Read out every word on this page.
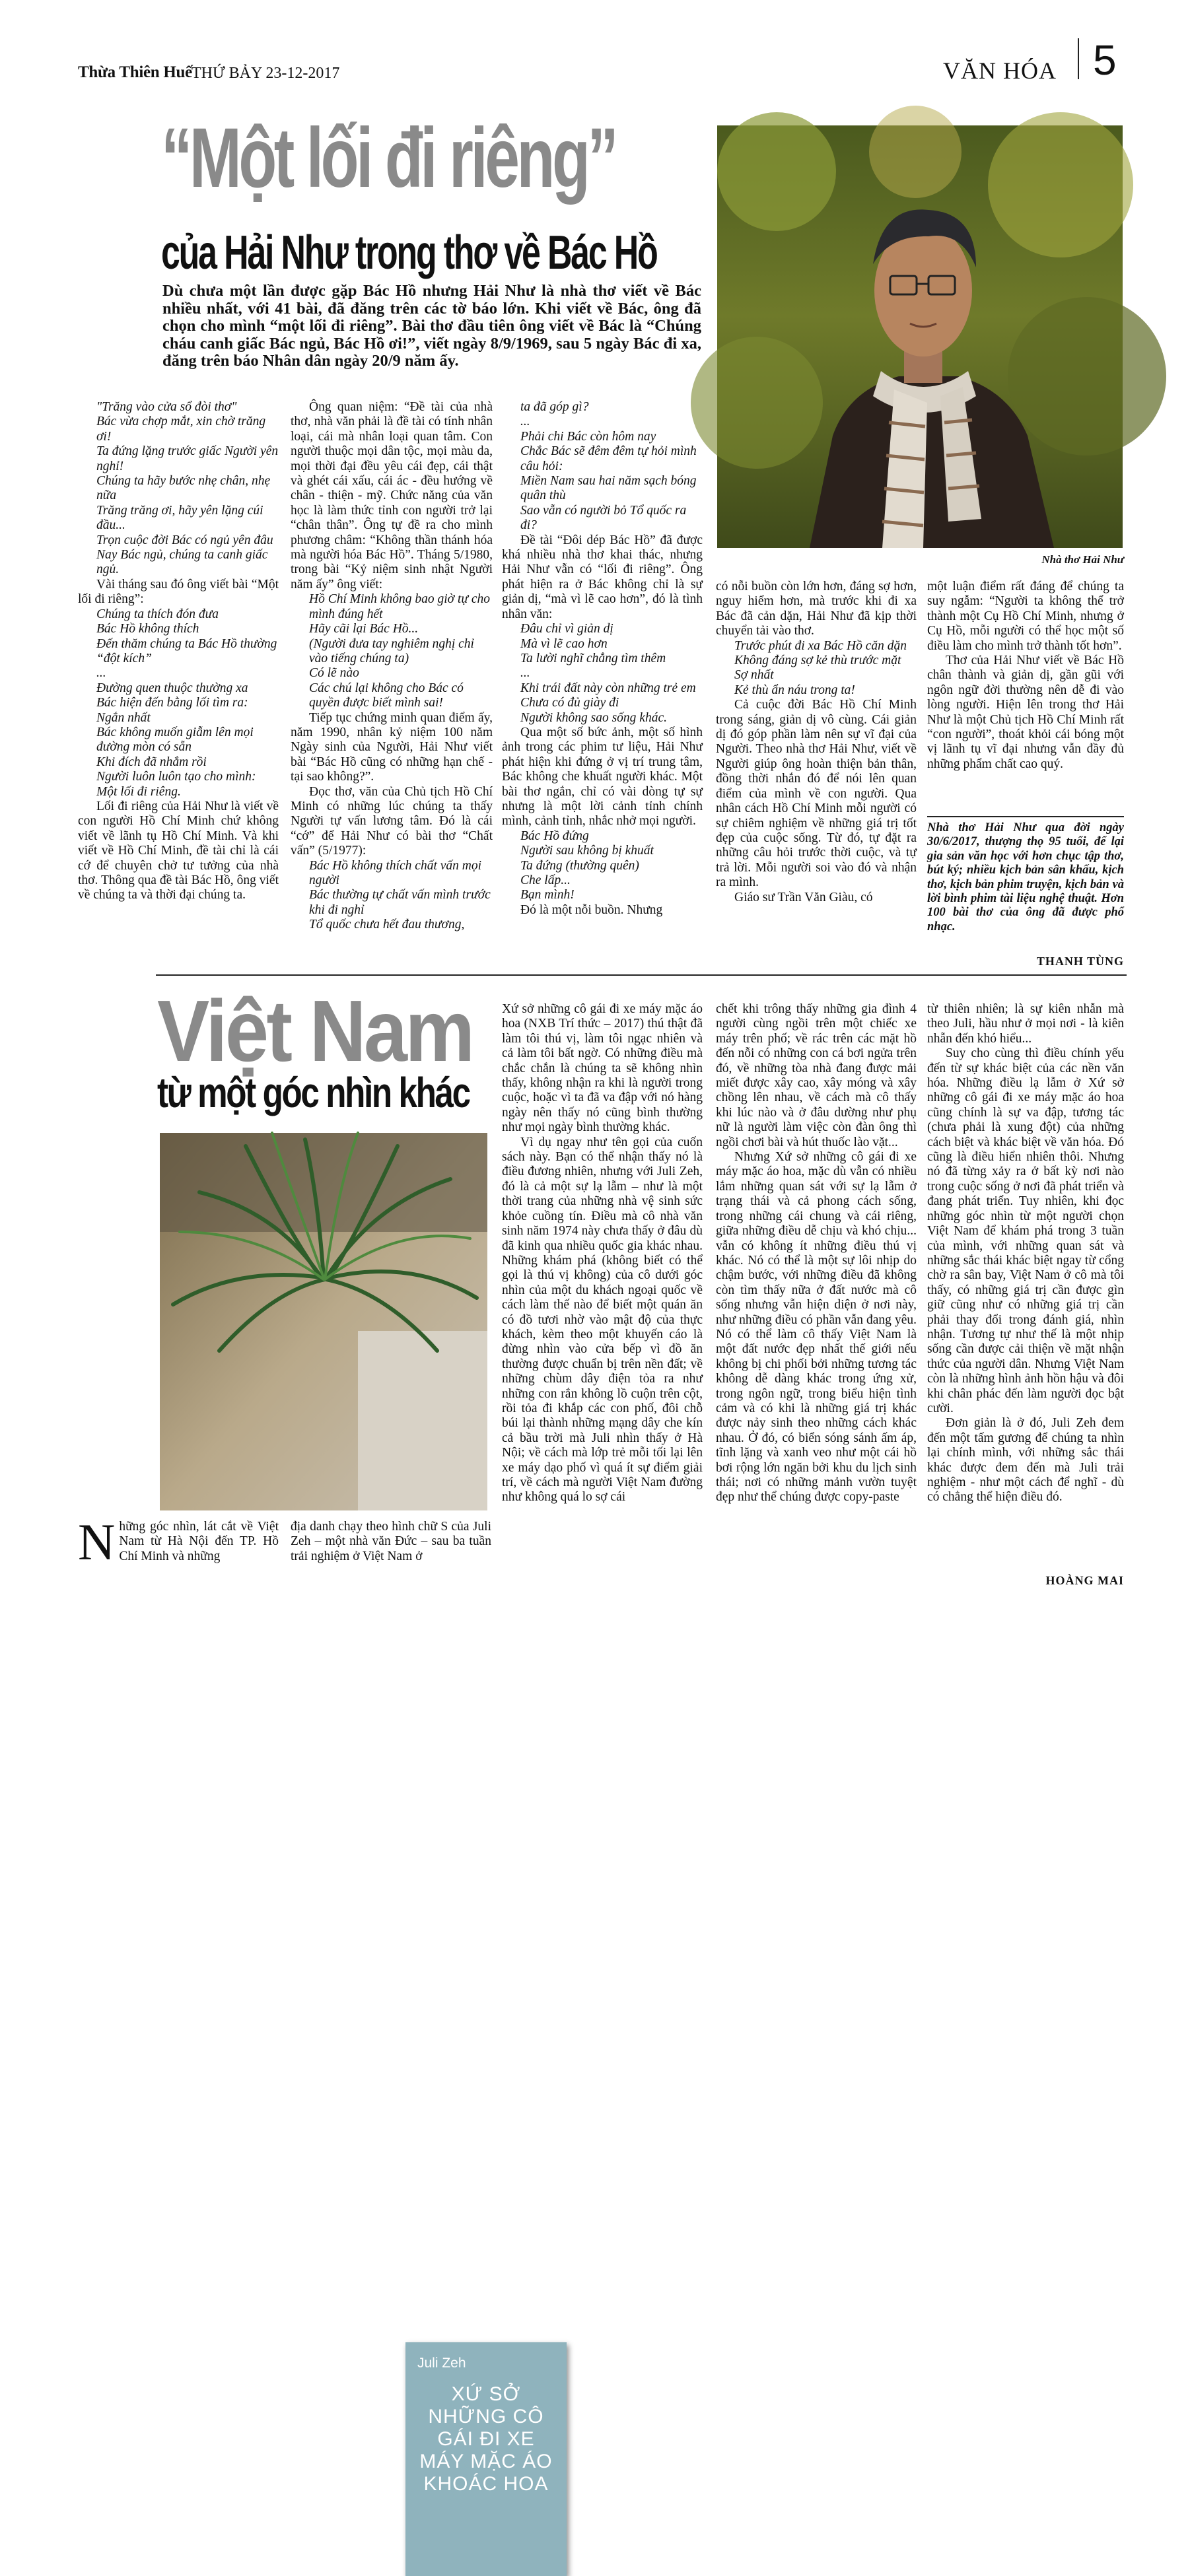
Thừa Thiên Huế THỨ BẢY 23-12-2017	VĂN HÓA 5
“Một lối đi riêng”
của Hải Như trong thơ về Bác Hồ
Dù chưa một lần được gặp Bác Hồ nhưng Hải Như là nhà thơ viết về Bác nhiều nhất, với 41 bài, đã đăng trên các tờ báo lớn. Khi viết về Bác, ông đã chọn cho mình “một lối đi riêng”. Bài thơ đầu tiên ông viết về Bác là “Chúng cháu canh giấc Bác ngủ, Bác Hồ ơi!”, viết ngày 8/9/1969, sau 5 ngày Bác đi xa, đăng trên báo Nhân dân ngày 20/9 năm ấy.
Nhà thơ Hải Như

"Trăng vào cửa sổ đòi thơ"

Bác vừa chợp mắt, xin chờ trăng ơi!

Ta đứng lặng trước giấc Người yên nghỉ!

Chúng ta hãy bước nhẹ chân, nhẹ nữa

Trăng trăng ơi, hãy yên lặng cúi đầu...

Trọn cuộc đời Bác có ngủ yên đâu

Nay Bác ngủ, chúng ta canh giấc ngủ.

Vài tháng sau đó ông viết bài “Một lối đi riêng”:

Chúng ta thích đón đưa

Bác Hồ không thích

Đến thăm chúng ta Bác Hồ thường “đột kích”

...

Đường quen thuộc thường xa

Bác hiện đến bằng lối tìm ra:

Ngắn nhất

Bác không muốn giẫm lên mọi đường mòn có sẵn

Khi đích đã nhắm rồi

Người luôn luôn tạo cho mình:

Một lối đi riêng.

Lối đi riêng của Hải Như là viết về con người Hồ Chí Minh chứ không viết về lãnh tụ Hồ Chí Minh. Và khi viết về Hồ Chí Minh, đề tài chỉ là cái cớ để chuyên chở tư tưởng của nhà thơ. Thông qua đề tài Bác Hồ, ông viết về chúng ta và thời đại chúng ta.

Ông quan niệm: “Đề tài của nhà thơ, nhà văn phải là đề tài có tính nhân loại, cái mà nhân loại quan tâm. Con người thuộc mọi dân tộc, mọi màu da, mọi thời đại đều yêu cái đẹp, cái thật và ghét cái xấu, cái ác - đều hướng về chân - thiện - mỹ. Chức năng của văn học là làm thức tỉnh con người trở lại “chân thân”. Ông tự đề ra cho mình phương châm: “Không thần thánh hóa mà người hóa Bác Hồ”. Tháng 5/1980, trong bài “Kỷ niệm sinh nhật Người năm ấy” ông viết:

Hồ Chí Minh không bao giờ tự cho mình đúng hết

Hãy cãi lại Bác Hồ...

(Người đưa tay nghiêm nghị chỉ vào tiếng chúng ta)

Có lẽ nào

Các chú lại không cho Bác có quyền được biết mình sai!

Tiếp tục chứng minh quan điểm ấy, năm 1990, nhân kỷ niệm 100 năm Ngày sinh của Người, Hải Như viết bài “Bác Hồ cũng có những hạn chế - tại sao không?”.

Đọc thơ, văn của Chủ tịch Hồ Chí Minh có những lúc chúng ta thấy Người tự vấn lương tâm. Đó là cái “cớ” để Hải Như có bài thơ “Chất vấn” (5/1977):

Bác Hồ không thích chất vấn mọi người

Bác thường tự chất vấn mình trước khi đi nghỉ

Tổ quốc chưa hết đau thương,

ta đã góp gì?

...

Phải chi Bác còn hôm nay

Chắc Bác sẽ đêm đêm tự hỏi mình câu hỏi:

Miền Nam sau hai năm sạch bóng quân thù

Sao vẫn có người bỏ Tổ quốc ra đi?

Đề tài “Đôi dép Bác Hồ” đã được khá nhiều nhà thơ khai thác, nhưng Hải Như vẫn có “lối đi riêng”. Ông phát hiện ra ở Bác không chỉ là sự giản dị, “mà vì lẽ cao hơn”, đó là tình nhân văn:

Đâu chỉ vì giản dị

Mà vì lẽ cao hơn

Ta lười nghĩ chẳng tìm thêm

...

Khi trái đất này còn những trẻ em

Chưa có đủ giày đi

Người không sao sống khác.

Qua một số bức ảnh, một số hình ảnh trong các phim tư liệu, Hải Như phát hiện khi đứng ở vị trí trung tâm, Bác không che khuất người khác. Một bài thơ ngắn, chỉ có vài dòng tự sự nhưng là một lời cảnh tỉnh chính mình, cảnh tỉnh, nhắc nhở mọi người.

Bác Hồ đứng

Người sau không bị khuất

Ta đứng (thường quên)

Che lấp...

Bạn mình!

Đó là một nỗi buồn. Nhưng

có nỗi buồn còn lớn hơn, đáng sợ hơn, nguy hiểm hơn, mà trước khi đi xa Bác đã cản dặn, Hải Như đã kịp thời chuyển tải vào thơ.

Trước phút đi xa Bác Hồ căn dặn

Không đáng sợ kẻ thù trước mặt

Sợ nhất

Kẻ thù ẩn náu trong ta!

Cả cuộc đời Bác Hồ Chí Minh trong sáng, giản dị vô cùng. Cái giản dị đó góp phần làm nên sự vĩ đại của Người. Theo nhà thơ Hải Như, viết về Người giúp ông hoàn thiện bản thân, đồng thời nhắn đó để nói lên quan điểm của mình về con người. Qua nhân cách Hồ Chí Minh mỗi người có sự chiêm nghiệm về những giá trị tốt đẹp của cuộc sống. Từ đó, tự đặt ra những câu hỏi trước thời cuộc, và tự trả lời. Mỗi người soi vào đó và nhận ra mình.

Giáo sư Trần Văn Giàu, có

một luận điểm rất đáng để chúng ta suy ngẫm: “Người ta không thể trở thành một Cụ Hồ Chí Minh, nhưng ở Cụ Hồ, mỗi người có thể học một số điều làm cho mình trở thành tốt hơn”.

Thơ của Hải Như viết về Bác Hồ chân thành và giản dị, gần gũi với ngôn ngữ đời thường nên dễ đi vào lòng người. Hiện lên trong thơ Hải Như là một Chủ tịch Hồ Chí Minh rất “con người”, thoát khỏi cái bóng một vị lãnh tụ vĩ đại nhưng vẫn đầy đủ những phẩm chất cao quý.

Nhà thơ Hải Như qua đời ngày 30/6/2017, thượng thọ 95 tuổi, để lại gia sản văn học với hơn chục tập thơ, bút ký; nhiều kịch bản sân khấu, kịch thơ, kịch bản phim truyện, kịch bản và lời bình phim tài liệu nghệ thuật. Hơn 100 bài thơ của ông đã được phổ nhạc.
THANH TÙNG
Việt Nam
từ một góc nhìn khác
Juli Zeh
XỨ SỞ NHỮNG CÔ GÁI ĐI XE MÁY MẶC ÁO KHOÁC HOA

Những góc nhìn, lát cắt về Việt Nam từ Hà Nội đến TP. Hồ Chí Minh và những

địa danh chạy theo hình chữ S của Juli Zeh – một nhà văn Đức – sau ba tuần trải nghiệm ở Việt Nam ở

Xứ sở những cô gái đi xe máy mặc áo hoa (NXB Trí thức – 2017) thú thật đã làm tôi thú vị, làm tôi ngạc nhiên và cả làm tôi bất ngờ. Có những điều mà chắc chắn là chúng ta sẽ không nhìn thấy, không nhận ra khi là người trong cuộc, hoặc vì ta đã va đập với nó hàng ngày nên thấy nó cũng bình thường như mọi ngày bình thường khác.

Vì dụ ngay như tên gọi của cuốn sách này. Bạn có thể nhận thấy nó là điều đương nhiên, nhưng với Juli Zeh, đó là cả một sự lạ lẫm – như là một thời trang của những nhà vệ sinh sức khỏe cuồng tín. Điều mà cô nhà văn sinh năm 1974 này chưa thấy ở đâu dù đã kinh qua nhiều quốc gia khác nhau. Những khám phá (không biết có thể gọi là thú vị không) của cô dưới góc nhìn của một du khách ngoại quốc về cách làm thế nào để biết một quán ăn có đồ tươi nhờ vào mật độ của thực khách, kèm theo một khuyến cáo là đừng nhìn vào cửa bếp vì đồ ăn thường được chuẩn bị trên nền đất; về những chùm dây điện tỏa ra như những con rắn không lồ cuộn trên cột, rồi tỏa đi khắp các con phố, đôi chỗ búi lại thành những mạng dây che kín cả bầu trời mà Juli nhìn thấy ở Hà Nội; về cách mà lớp trẻ mỗi tối lại lên xe máy dạo phố vì quá ít sự điểm giải trí, về cách mà người Việt Nam đường như không quá lo sợ cái

chết khi trông thấy những gia đình 4 người cùng ngồi trên một chiếc xe máy trên phố; về rác trên các mặt hồ đến nỗi có những con cá bơi ngửa trên đó, về những tòa nhà đang được mải miết được xây cao, xây móng và xây chồng lên nhau, về cách mà cô thấy khi lúc nào và ở đâu dường như phụ nữ là người làm việc còn đàn ông thì ngồi chơi bài và hút thuốc lào vặt...

Nhưng Xứ sở những cô gái đi xe máy mặc áo hoa, mặc dù vẫn có nhiều lắm những quan sát với sự lạ lẫm ở trạng thái và cả phong cách sống, trong những cái chung và cái riêng, giữa những điều dễ chịu và khó chịu... vẫn có không ít những điều thú vị khác. Nó có thể là một sự lôi nhịp do chậm bước, với những điều đã không còn tìm thấy nữa ở đất nước mà cô sống nhưng vẫn hiện diện ở nơi này, như những điều có phần vẫn đang yêu. Nó có thể làm cô thấy Việt Nam là một đất nước đẹp nhất thế giới nếu không bị chi phối bởi những tương tác không dễ dàng khác trong ứng xử, trong ngôn ngữ, trong biểu hiện tình cảm và có khi là những giá trị khác được nảy sinh theo những cách khác nhau. Ở đó, có biển sóng sánh ấm áp, tĩnh lặng và xanh veo như một cái hồ bơi rộng lớn ngăn bởi khu du lịch sinh thái; nơi có những mảnh vườn tuyệt đẹp như thể chúng được copy-paste

từ thiên nhiên; là sự kiên nhẫn mà theo Juli, hầu như ở mọi nơi - là kiên nhẫn đến khó hiểu...

Suy cho cùng thì điều chính yếu đến từ sự khác biệt của các nền văn hóa. Những điều lạ lẫm ở Xứ sở những cô gái đi xe máy mặc áo hoa cũng chính là sự va đập, tương tác (chưa phải là xung đột) của những cách biệt và khác biệt về văn hóa. Đó cũng là điều hiển nhiên thôi. Nhưng nó đã từng xảy ra ở bất kỳ nơi nào trong cuộc sống ở nơi đã phát triển và đang phát triển. Tuy nhiên, khi đọc những góc nhìn từ một người chọn Việt Nam để khám phá trong 3 tuần của mình, với những quan sát và những sắc thái khác biệt ngay từ cổng chờ ra sân bay, Việt Nam ở cô mà tôi thấy, có những giá trị cần được gìn giữ cũng như có những giá trị cần phải thay đổi trong đánh giá, nhìn nhận. Tương tự như thế là một nhịp sống cần được cải thiện về mặt nhận thức của người dân. Nhưng Việt Nam còn là những hình ảnh hồn hậu và đôi khi chân phác đến làm người đọc bật cười.

Đơn giản là ở đó, Juli Zeh đem đến một tấm gương để chúng ta nhìn lại chính mình, với những sắc thái khác được đem đến mà Juli trải nghiệm - như một cách để nghĩ - dù có chẳng thể hiện điều đó.

HOÀNG MAI
